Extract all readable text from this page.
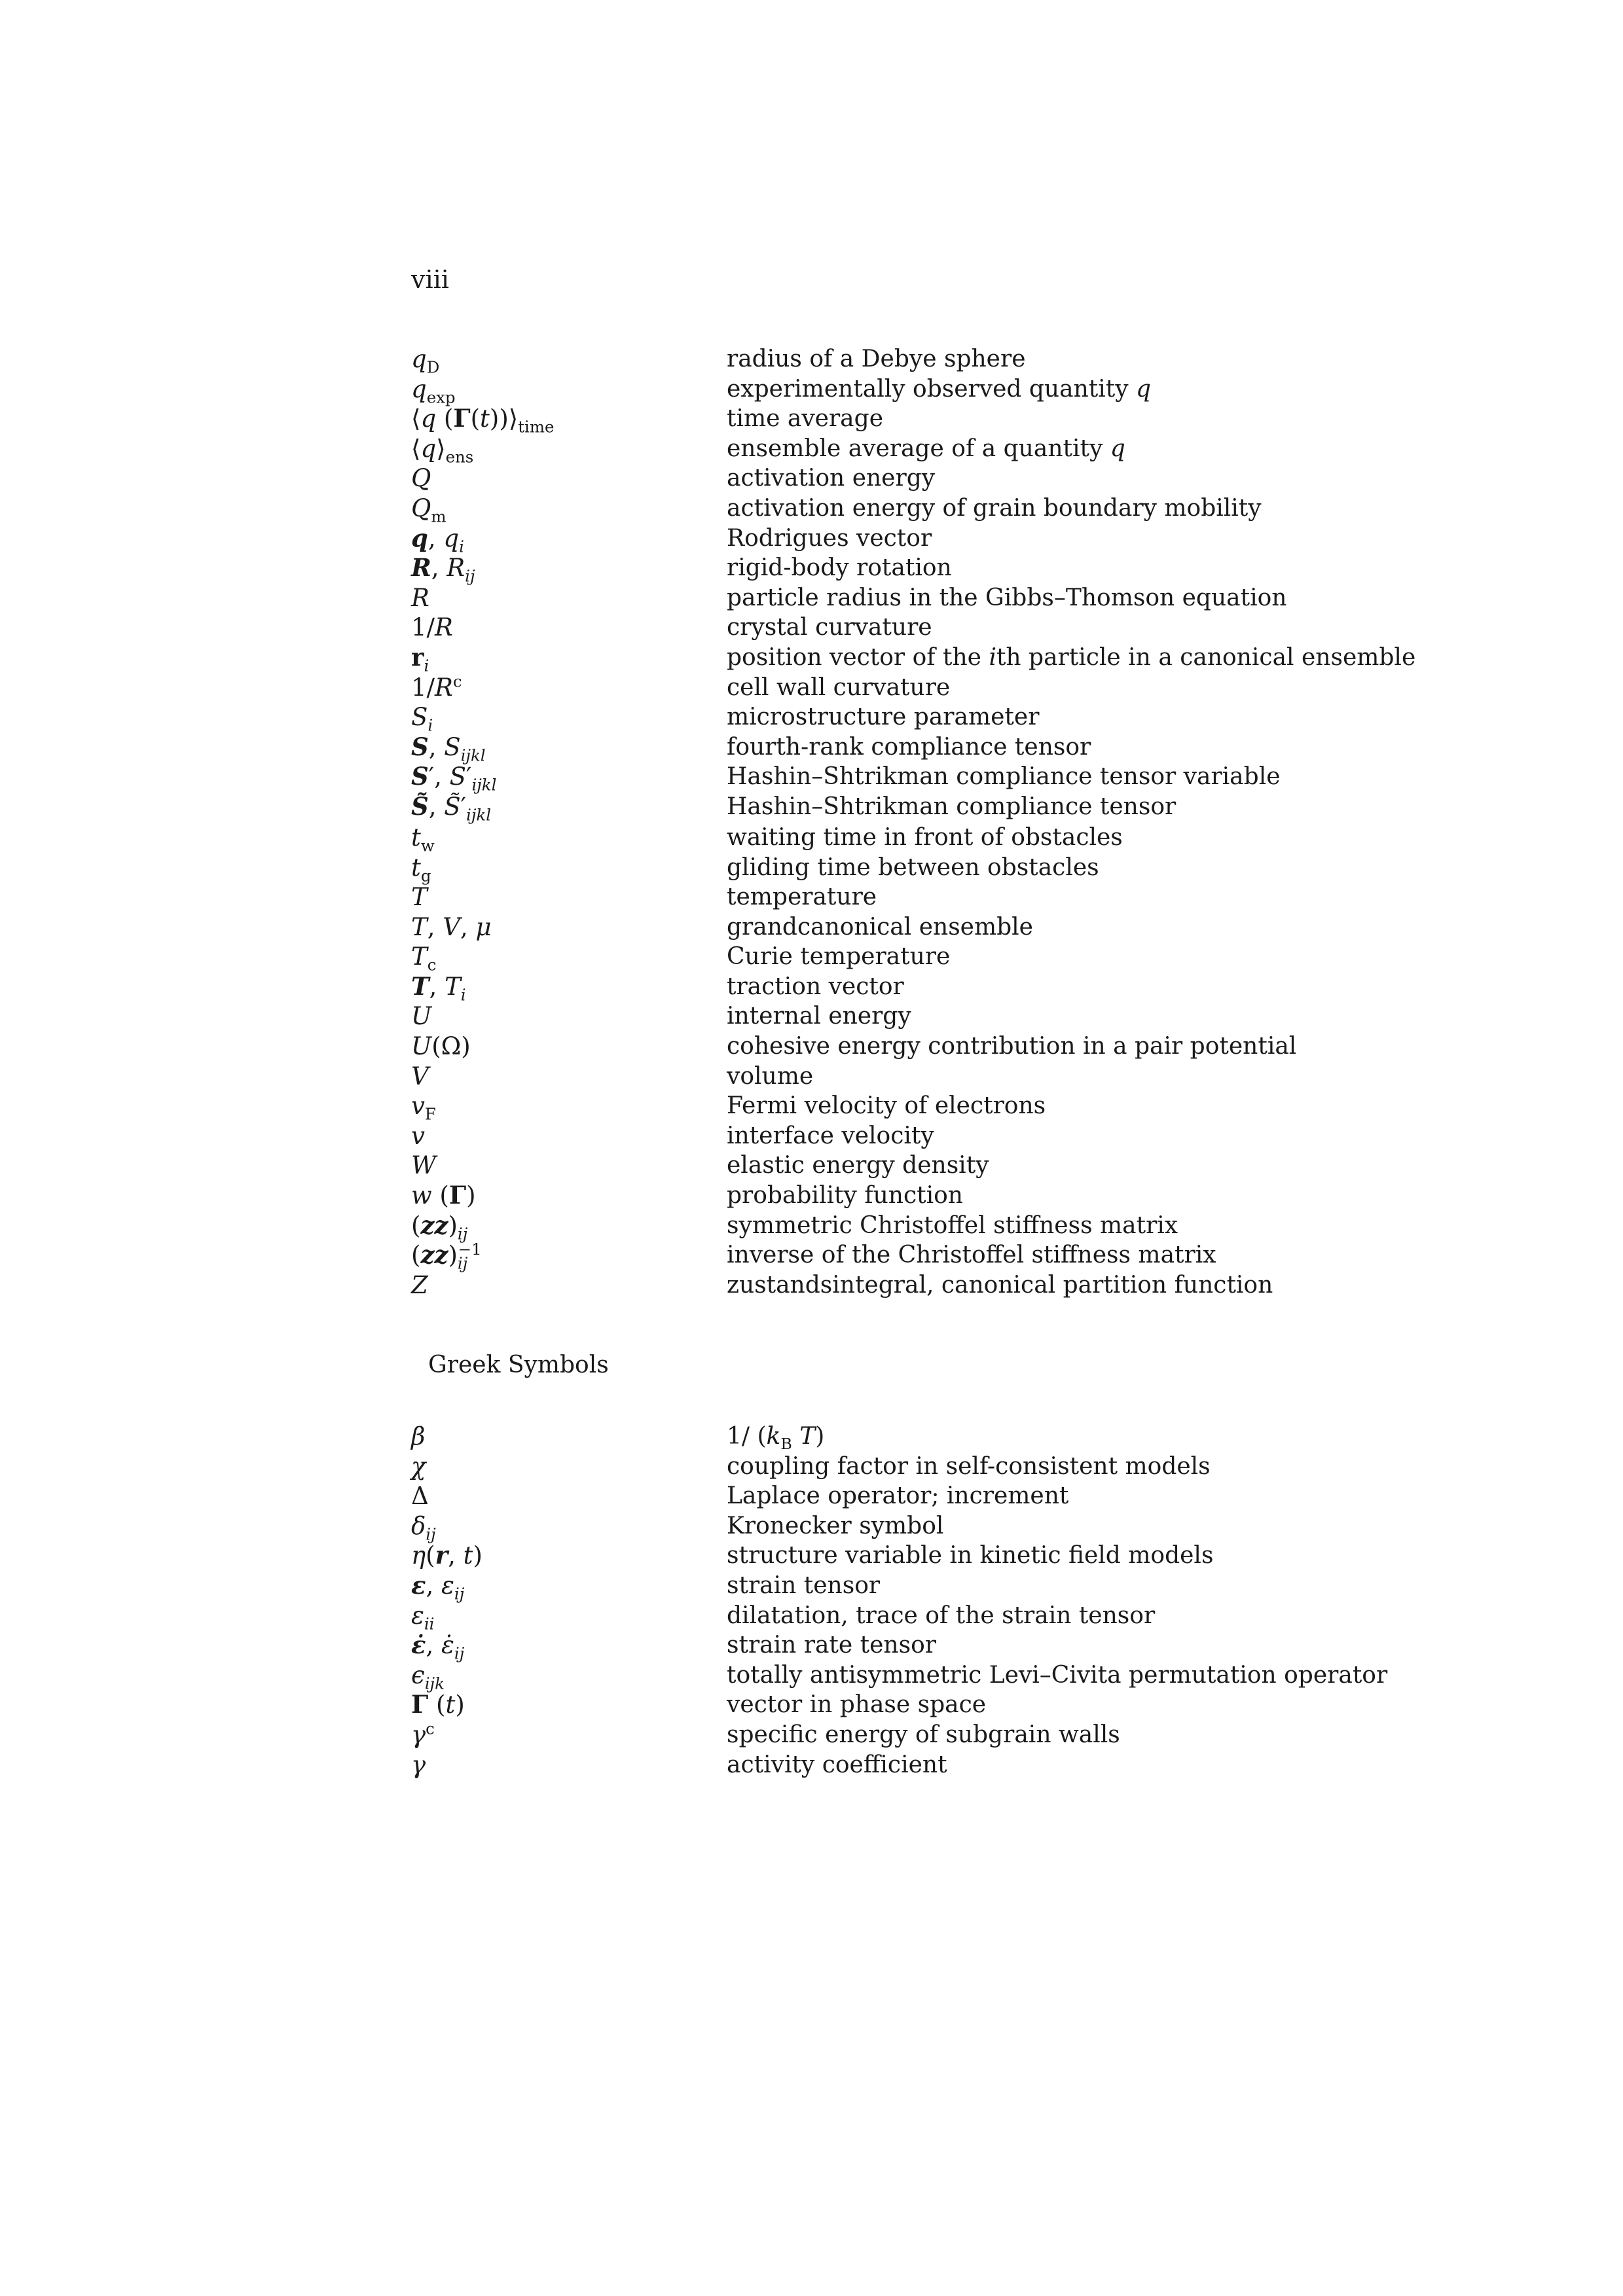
viii
$q_D$	radius of a Debye sphere
$q_{exp}$	experimentally observed quantity q
⟨q $(\Gamma(t))⟩_{time}$	time average
$⟨q⟩_{ens}$	ensemble average of a quantity q
Q	activation energy
$Q_m$	activation energy of grain boundary mobility
q, $q_i$	Rodrigues vector
R, $R_{ij}$	rigid-body rotation
R	particle radius in the Gibbs–Thomson equation
1/R	crystal curvature
$r_i$	position vector of the ith particle in a canonical ensemble
$1/R^c$	cell wall curvature
$S_i$	microstructure parameter
S, $S_{ijkl}$	fourth-rank compliance tensor
S′, $S'_{ijkl}$	Hashin–Shtrikman compliance tensor variable
S̃, $S̃'_{ijkl}$	Hashin–Shtrikman compliance tensor
$t_w$	waiting time in front of obstacles
$t_g$	gliding time between obstacles
T	temperature
T, V, μ	grandcanonical ensemble
$T_c$	Curie temperature
T, $T_i$	traction vector
U	internal energy
U(Ω)	cohesive energy contribution in a pair potential
V	volume
$v_F$	Fermi velocity of electrons
v	interface velocity
W	elastic energy density
w (Γ)	probability function
$(zz)_{ij}$	symmetric Christoffel stiffness matrix
$(zz)_{ij}^{-1}$	inverse of the Christoffel stiffness matrix
Z	zustandsintegral, canonical partition function
Greek Symbols
β	1/ ($k_B$ T)
χ	coupling factor in self-consistent models
Δ	Laplace operator; increment
$\delta_{ij}$	Kronecker symbol
η(r, t)	structure variable in kinetic field models
ε, $\varepsilon_{ij}$	strain tensor
$\varepsilon_{ii}$	dilatation, trace of the strain tensor
ε̇, $\varepsiloṅ_{ij}$	strain rate tensor
$\epsilon_{ijk}$	totally antisymmetric Levi–Civita permutation operator
Γ (t)	vector in phase space
$\gamma^c$	specific energy of subgrain walls
γ	activity coefficient
